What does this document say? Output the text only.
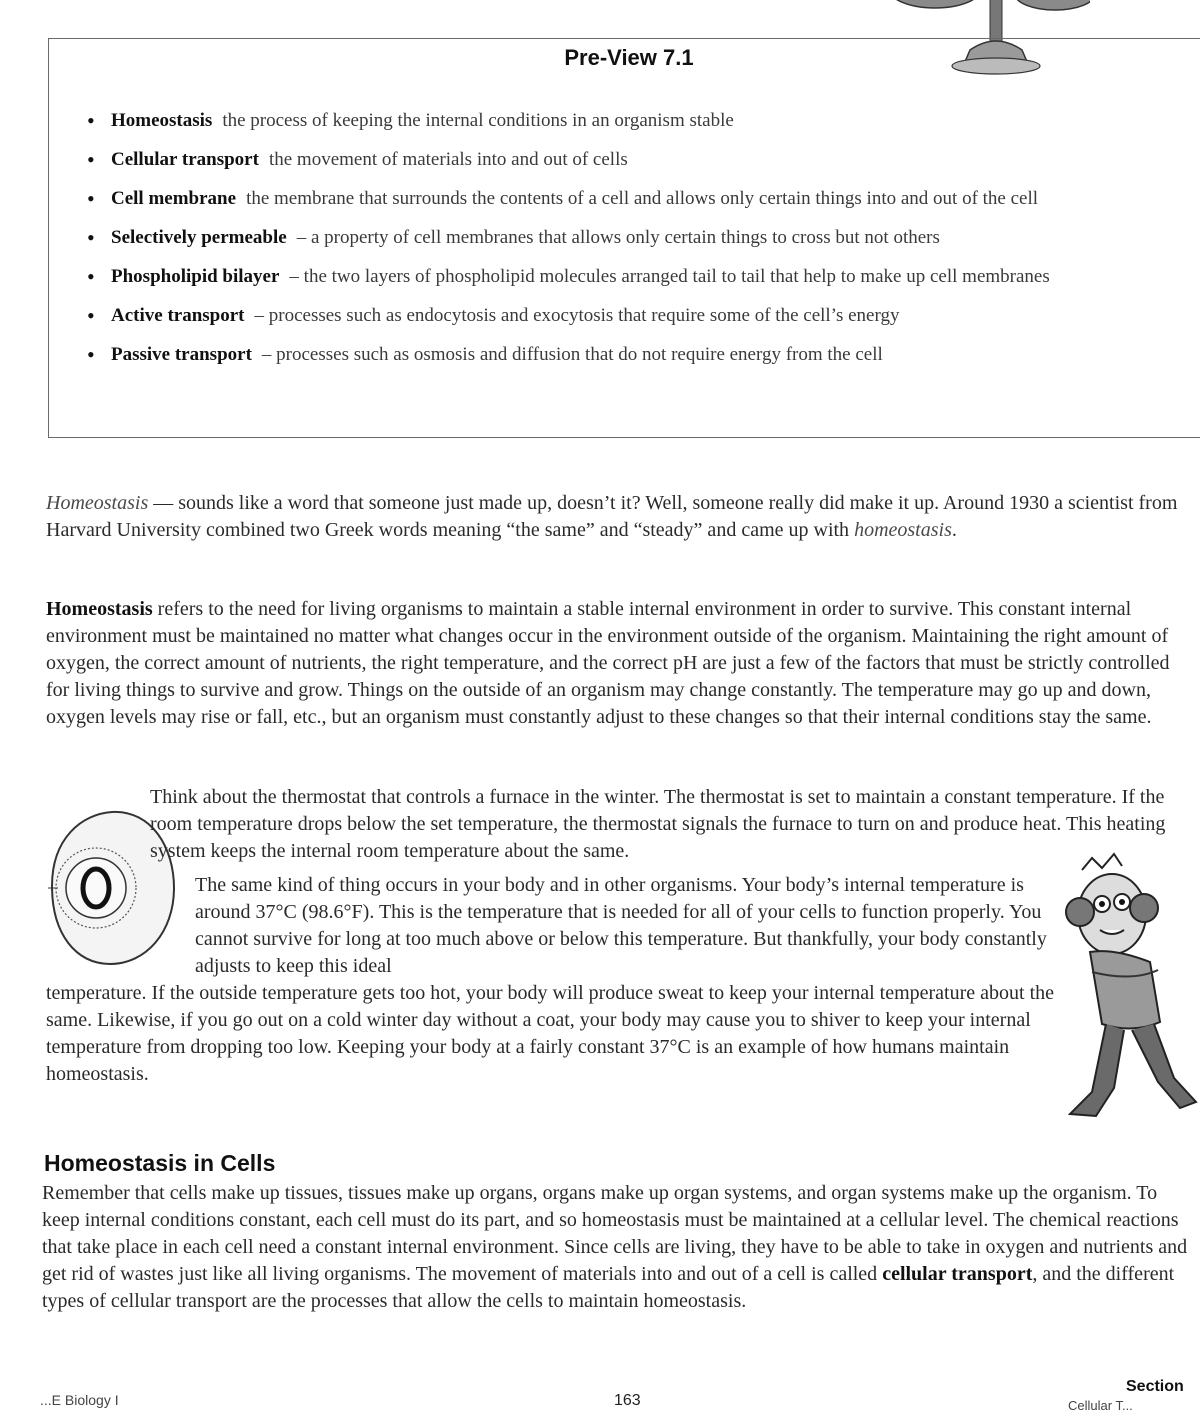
Pre-View 7.1
• Homeostasis the process of keeping the internal conditions in an organism stable
• Cellular transport the movement of materials into and out of cells
• Cell membrane the membrane that surrounds the contents of a cell and allows only certain things into and out of the cell
• Selectively permeable – a property of cell membranes that allows only certain things to cross but not others
• Phospholipid bilayer – the two layers of phospholipid molecules arranged tail to tail that help to make up cell membranes
• Active transport – processes such as endocytosis and exocytosis that require some of the cell’s energy
• Passive transport – processes such as osmosis and diffusion that do not require energy from the cell

Homeostasis — sounds like a word that someone just made up, doesn’t it? Well, someone really did make it up. Around 1930 a scientist from Harvard University combined two Greek words meaning “the same” and “steady” and came up with homeostasis.

Homeostasis refers to the need for living organisms to maintain a stable internal environment in order to survive. This constant internal environment must be maintained no matter what changes occur in the environment outside of the organism. Maintaining the right amount of oxygen, the correct amount of nutrients, the right temperature, and the correct pH are just a few of the factors that must be strictly controlled for living things to survive and grow. Things on the outside of an organism may change constantly. The temperature may go up and down, oxygen levels may rise or fall, etc., but an organism must constantly adjust to these changes so that their internal conditions stay the same.

Think about the thermostat that controls a furnace in the winter. The thermostat is set to maintain a constant temperature. If the room temperature drops below the set temperature, the thermostat signals the furnace to turn on and produce heat. This heating system keeps the internal room temperature about the same.

The same kind of thing occurs in your body and in other organisms. Your body’s internal temperature is around 37°C (98.6°F). This is the temperature that is needed for all of your cells to function properly. You cannot survive for long at too much above or below this temperature. But thankfully, your body constantly adjusts to keep this ideal

temperature. If the outside temperature gets too hot, your body will produce sweat to keep your internal temperature about the same. Likewise, if you go out on a cold winter day without a coat, your body may cause you to shiver to keep your internal temperature from dropping too low. Keeping your body at a fairly constant 37°C is an example of how humans maintain homeostasis.

Homeostasis in Cells

Remember that cells make up tissues, tissues make up organs, organs make up organ systems, and organ systems make up the organism. To keep internal conditions constant, each cell must do its part, and so homeostasis must be maintained at a cellular level. The chemical reactions that take place in each cell need a constant internal environment. Since cells are living, they have to be able to take in oxygen and nutrients and get rid of wastes just like all living organisms. The movement of materials into and out of a cell is called cellular transport, and the different types of cellular transport are the processes that allow the cells to maintain homeostasis.

...E Biology I	163
Section
Cellular T...
